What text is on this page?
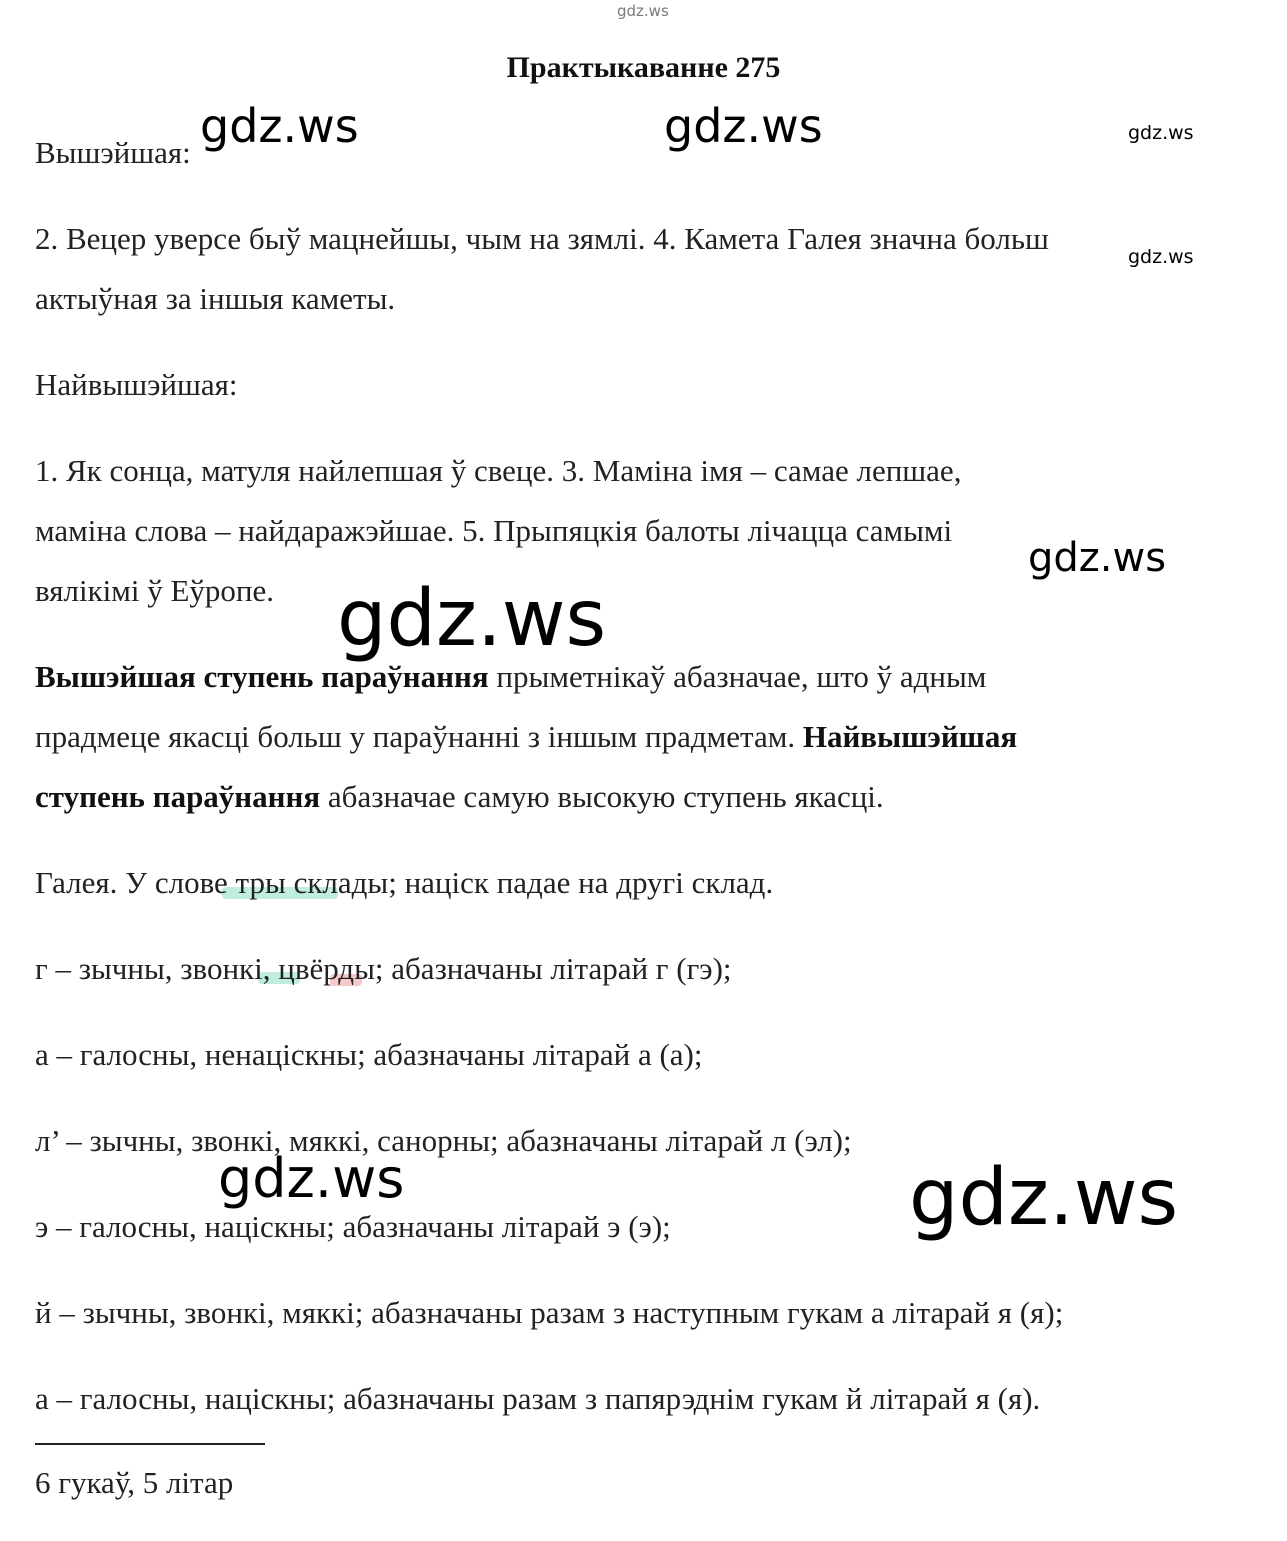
gdz.ws
Практыкаванне 275
Вышэйшая:
2. Вецер уверсе быў мацнейшы, чым на зямлі. 4. Камета Галея значна больш
актыўная за іншыя каметы.
Найвышэйшая:
1. Як сонца, матуля найлепшая ў свеце. 3. Маміна імя – самае лепшае,
маміна слова – найдаражэйшае. 5. Прыпяцкія балоты лічацца самымі
вялікімі ў Еўропе.
Вышэйшая ступень параўнання прыметнікаў абазначае, што ў адным
прадмеце якасці больш у параўнанні з іншым прадметам. Найвышэйшая
ступень параўнання абазначае самую высокую ступень якасці.
Галея. У слове тры склады; націск падае на другі склад.
г – зычны, звонкі, цвёрды; абазначаны літарай г (гэ);
а – галосны, ненаціскны; абазначаны літарай а (а);
л’ – зычны, звонкі, мяккі, санорны; абазначаны літарай л (эл);
э – галосны, націскны; абазначаны літарай э (э);
й – зычны, звонкі, мяккі; абазначаны разам з наступным гукам а літарай я (я);
а – галосны, націскны; абазначаны разам з папярэднім гукам й літарай я (я).
6 гукаў, 5 літар
gdz.ws	gdz.ws	gdz.ws
gdz.ws
gdz.ws
gdz.ws
gdz.ws	gdz.ws
